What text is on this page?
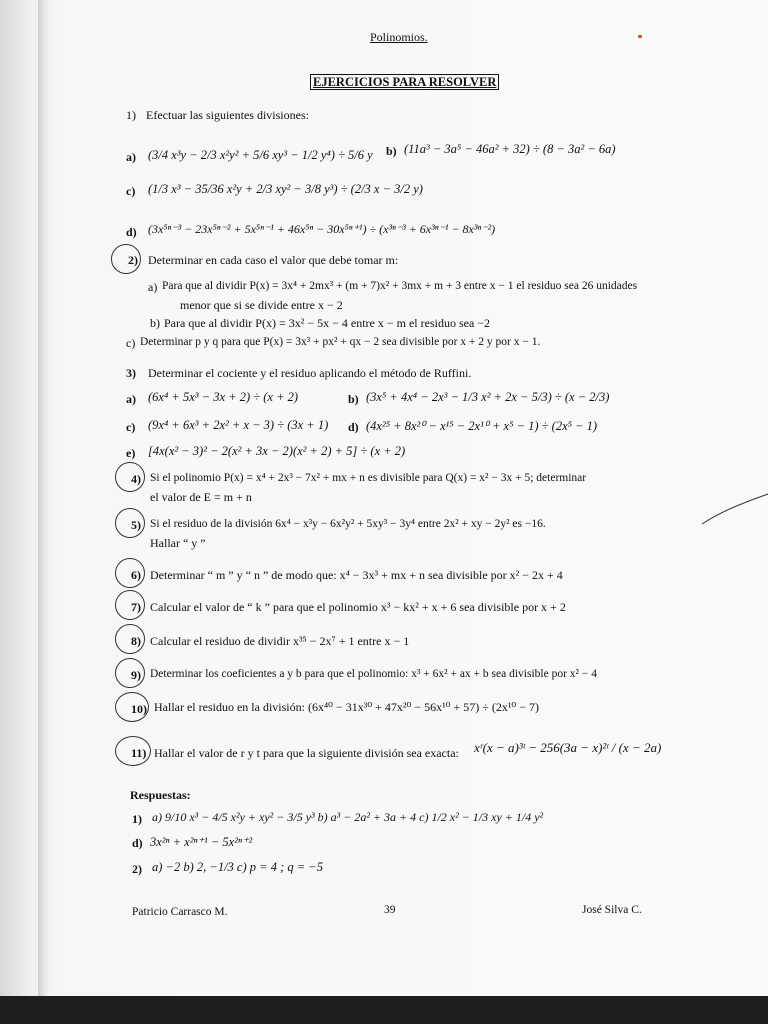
Polinomios.
EJERCICIOS PARA RESOLVER
1) Efectuar las siguientes divisiones:
a) (3/4 x³y − 2/3 x²y² + 5/6 xy³ − 1/2 y⁴) ÷ 5/6 y b) (11a³ − 3a⁵ − 46a² + 32) ÷ (8 − 3a² − 6a)
c) (1/3 x³ − 35/36 x²y + 2/3 xy² − 3/8 y³) ÷ (2/3 x − 3/2 y)
d) (3x⁵ⁿ⁻³ − 23x⁵ⁿ⁻² + 5x⁵ⁿ⁻¹ + 46x⁵ⁿ − 30x⁵ⁿ⁺¹) ÷ (x³ⁿ⁻³ + 6x³ⁿ⁻¹ − 8x³ⁿ⁻²)
2) Determinar en cada caso el valor que debe tomar m:
a) Para que al dividir P(x) = 3x⁴ + 2mx³ + (m + 7)x² + 3mx + m + 3 entre x − 1 el residuo sea 26 unidades
menor que si se divide entre x − 2
b) Para que al dividir P(x) = 3x² − 5x − 4 entre x − m el residuo sea −2
c) Determinar p y q para que P(x) = 3x³ + px² + qx − 2 sea divisible por x + 2 y por x − 1.
3) Determinar el cociente y el residuo aplicando el método de Ruffini.
a) (6x⁴ + 5x³ − 3x + 2) ÷ (x + 2)	b) (3x⁵ + 4x⁴ − 2x³ − 1/3 x² + 2x − 5/3) ÷ (x − 2/3)
c) (9x⁴ + 6x³ + 2x² + x − 3) ÷ (3x + 1) d) (4x²⁵ + 8x²⁰ − x¹⁵ − 2x¹⁰ + x⁵ − 1) ÷ (2x⁵ − 1)
e) [4x(x² − 3)² − 2(x² + 3x − 2)(x² + 2) + 5] ÷ (x + 2)
4) Si el polinomio P(x) = x⁴ + 2x³ − 7x² + mx + n es divisible para Q(x) = x² − 3x + 5; determinar
el valor de E = m + n
5) Si el residuo de la división 6x⁴ − x³y − 6x²y² + 5xy³ − 3y⁴ entre 2x² + xy − 2y² es −16.
Hallar “ y ”
6) Determinar “ m ” y “ n ” de modo que: x⁴ − 3x³ + mx + n sea divisible por x² − 2x + 4
7) Calcular el valor de “ k ” para que el polinomio x³ − kx² + x + 6 sea divisible por x + 2
8) Calcular el residuo de dividir x³⁵ − 2x⁷ + 1 entre x − 1
9) Determinar los coeficientes a y b para que el polinomio: x³ + 6x² + ax + b sea divisible por x² − 4
10) Hallar el residuo en la división: (6x⁴⁰ − 31x³⁰ + 47x²⁰ − 56x¹⁰ + 57) ÷ (2x¹⁰ − 7)
11) Hallar el valor de r y t para que la siguiente división sea exacta: xʳ(x − a)³ᵗ − 256(3a − x)²ᵗ / (x − 2a)
Respuestas:
1) a) 9/10 x³ − 4/5 x²y + xy² − 3/5 y³ b) a³ − 2a² + 3a + 4 c) 1/2 x² − 1/3 xy + 1/4 y²
d) 3x²ⁿ + x²ⁿ⁺¹ − 5x²ⁿ⁺²
2) a) −2 b) 2, −1/3 c) p = 4 ; q = −5
Patricio Carrasco M.	39	José Silva C.
